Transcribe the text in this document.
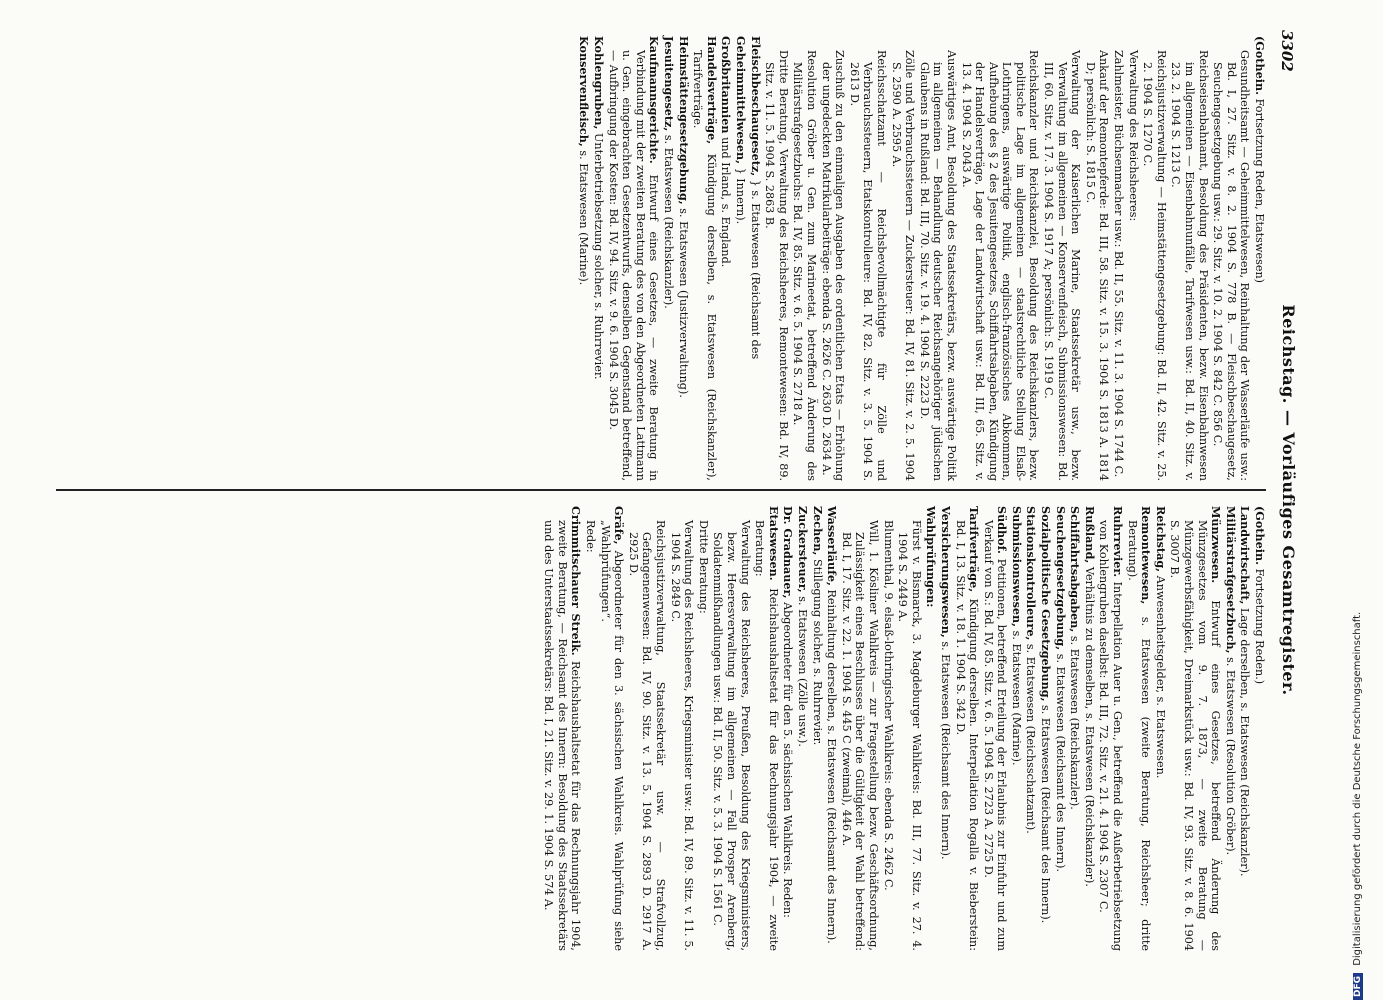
3302
Reichstag. — Vorläufiges Gesamtregister.
(Gothein. Fortsetzung Reden, Etatswesen)
Gesundheitsamt — Geheimmittelwesen, Reinhaltung der Wasserläufe usw.: Bd. I, 27. Sitz. v. 8. 2. 1904 S. 778 B. — Fleischbeschaugesetz, Seuchengesetzgebung usw.: 29. Sitz. v. 10. 2. 1904 S. 842 C. 856 C.
Reichseisenbahnamt, Besoldung des Präsidenten, bezw. Eisenbahnwesen im allgemeinen — Eisenbahnunfälle, Tarifwesen usw.: Bd. II, 40. Sitz. v. 23. 2. 1904 S. 1213 C.
Reichsjustizverwaltung — Heimstättengesetzgebung: Bd. II, 42. Sitz. v. 25. 2. 1904 S. 1270 C.
Verwaltung des Reichsheeres:
Zahlmeister, Büchsenmacher usw.: Bd. II, 55. Sitz. v. 11. 3. 1904 S. 1744 C.
Ankauf der Remontepferde: Bd. III, 58. Sitz. v. 15. 3. 1904 S. 1813 A. 1814 D; persönlich: S. 1815 C.
Verwaltung der Kaiserlichen Marine, Staatssekretär usw., bezw. Verwaltung im allgemeinen — Konservenfleisch, Submissionswesen: Bd. III, 60. Sitz. v. 17. 3. 1904 S. 1917 A; persönlich: S. 1919 C.
Reichskanzler und Reichskanzlei, Besoldung des Reichskanzlers, bezw. politische Lage im allgemeinen — staatsrechtliche Stellung Elsaß-Lothringens, auswärtige Politik, englisch-französisches Abkommen, Aufhebung des § 2 des Jesuitengesetzes, Schiffahrtsabgaben, Kündigung der Handelsverträge, Lage der Landwirtschaft usw.: Bd. III, 65. Sitz. v. 13. 4. 1904 S. 2043 A.
Auswärtiges Amt, Besoldung des Staatssekretärs, bezw. auswärtige Politik im allgemeinen — Behandlung deutscher Reichsangehöriger jüdischen Glaubens in Rußland: Bd. III, 70. Sitz. v. 19. 4. 1904 S. 2223 D.
Zölle und Verbrauchssteuern — Zuckersteuer: Bd. IV, 81. Sitz. v. 2. 5. 1904 S. 2590 A. 2595 A.
Reichsschatzamt — Reichsbevollmächtigte für Zölle und Verbrauchssteuern, Etatskontrolleure: Bd. IV, 82. Sitz. v. 3. 5. 1904 S. 2613 D.
Zuschuß zu den einmaligen Ausgaben des ordentlichen Etats — Erhöhung der ungedeckten Matrikularbeiträge: ebenda S. 2626 C. 2630 D. 2634 A.
Resolution Gröber u. Gen. zum Marineetat, betreffend Änderung des Militärstrafgesetzbuchs: Bd. IV, 85. Sitz. v. 6. 5. 1904 S. 2718 A.
Dritte Beratung, Verwaltung des Reichsheeres, Remontewesen: Bd. IV, 89. Sitz. v. 11. 5. 1904 S. 2863 B.
Fleischbeschaugesetz, } s. Etatswesen (Reichsamt des
Geheimmittelwesen, } Innern).
Großbritannien und Irland, s. England.
Handelsverträge, Kündigung derselben, s. Etatswesen (Reichskanzler), Tarifverträge.
Heimstättengesetzgebung, s. Etatswesen (Justizverwaltung).
Jesuitengesetz, s. Etatswesen (Reichskanzler).
Kaufmannsgerichte. Entwurf eines Gesetzes, — zweite Beratung in Verbindung mit der zweiten Beratung des von den Abgeordneten Lattmann u. Gen. eingebrachten Gesetzentwurfs, denselben Gegenstand betreffend, — Aufbringung der Kosten: Bd. IV, 94. Sitz. v. 9. 6. 1904 S. 3045 D.
Kohlengruben, Unterbetriebsetzung solcher, s. Ruhrrevier.
Konservenfleisch, s. Etatswesen (Marine).
(Gothein. Fortsetzung Reden.)
Landwirtschaft, Lage derselben, s. Etatswesen (Reichskanzler).
Militärstrafgesetzbuch, s. Etatswesen (Resolution Gröber).
Münzwesen. Entwurf eines Gesetzes, betreffend Änderung des Münzgesetzes vom 9. 7. 1873, — zweite Beratung — Münzgewerbsfähigkeit, Dreimarkstück usw.: Bd. IV, 93. Sitz. v. 8. 6. 1904 S. 3007 B.
Reichstag, Anwesenheitsgelder, s. Etatswesen.
Remontewesen, s. Etatswesen (zweite Beratung, Reichsheer; dritte Beratung).
Ruhrrevier. Interpellation Auer u. Gen., betreffend die Außerbetriebsetzung von Kohlengruben daselbst: Bd. III, 72. Sitz. v. 21. 4. 1904 S. 2307 C.
Rußland, Verhältnis zu demselben, s. Etatswesen (Reichskanzler).
Schiffahrtsabgaben, s. Etatswesen (Reichskanzler).
Seuchengesetzgebung, s. Etatswesen (Reichsamt des Innern).
Sozialpolitische Gesetzgebung, s. Etatswesen (Reichsamt des Innern).
Stationskontrolleure, s. Etatswesen (Reichsschatzamt).
Submissionswesen, s. Etatswesen (Marine).
Südhof. Petitionen, betreffend Erteilung der Erlaubnis zur Einfuhr und zum Verkauf von S.: Bd. IV, 85. Sitz. v. 6. 5. 1904 S. 2723 A. 2725 D.
Tarifverträge, Kündigung derselben. Interpellation Rogalla v. Bieberstein: Bd. I, 13. Sitz. v. 18. 1. 1904 S. 342 D.
Versicherungswesen, s. Etatswesen (Reichsamt des Innern).
Wahlprüfungen:
Fürst v. Bismarck, 3. Magdeburger Wahlkreis: Bd. III, 77. Sitz. v. 27. 4. 1904 S. 2449 A.
Blumenthal, 9. elsaß-lothringischer Wahlkreis: ebenda S. 2462 C.
Will, 1. Kösliner Wahlkreis — zur Fragestellung bezw. Geschäftsordnung, Zulässigkeit eines Beschlusses über die Gültigkeit der Wahl betreffend: Bd. I, 17. Sitz. v. 22. 1. 1904 S. 445 C (zweimal), 446 A.
Wasserläufe, Reinhaltung derselben, s. Etatswesen (Reichsamt des Innern).
Zechen, Stillegung solcher, s. Ruhrrevier.
Zuckersteuer, s. Etatswesen (Zölle usw.).
Dr. Gradnauer, Abgeordneter für den 5. sächsischen Wahlkreis. Reden:
Etatswesen. Reichshaushaltsetat für das Rechnungsjahr 1904, — zweite Beratung:
Verwaltung des Reichsheeres, Preußen, Besoldung des Kriegsministers, bezw. Heeresverwaltung im allgemeinen — Fall Prosper Arenberg, Soldatenmißhandlungen usw.: Bd. II, 50. Sitz. v. 5. 3. 1904 S. 1561 C.
Dritte Beratung:
Verwaltung des Reichsheeres, Kriegsminister usw.: Bd. IV, 89. Sitz. v. 11. 5. 1904 S. 2849 C.
Reichsjustizverwaltung, Staatssekretär usw. — Strafvollzug, Gefangenenwesen: Bd. IV, 90. Sitz. v. 13. 5. 1904 S. 2893 D. 2917 A. 2925 D.
Gräfe, Abgeordneter für den 3. sächsischen Wahlkreis. Wahlprüfung siehe „Wahlprüfungen“.
Rede:
Crimmitschauer Streik. Reichshaushaltsetat für das Rechnungsjahr 1904, zweite Beratung, — Reichsamt des Innern: Besoldung des Staatssekretärs und des Unterstaatssekretärs: Bd. I, 21. Sitz. v. 29. 1. 1904 S. 574 A.
DFG Digitalisierung gefördert durch die Deutsche Forschungsgemeinschaft.
